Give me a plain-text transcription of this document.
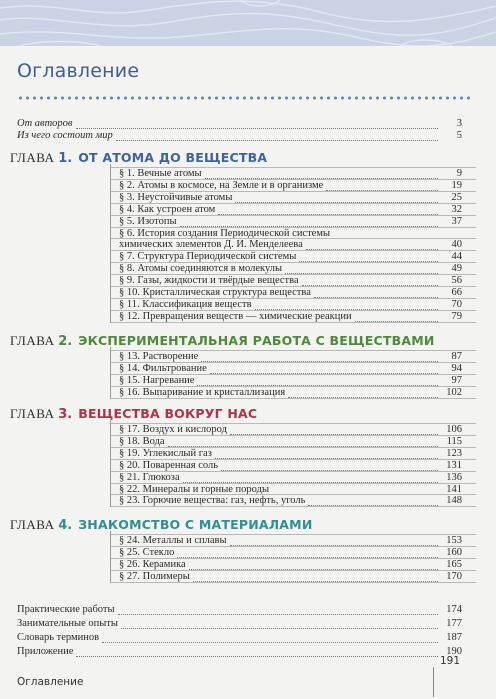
Оглавление
От авторов	3
Из чего состоит мир	5
ГЛАВА 1. ОТ АТОМА ДО ВЕЩЕСТВА
§ 1. Вечные атомы	9
§ 2. Атомы в космосе, на Земле и в организме	19
§ 3. Неустойчивые атомы	25
§ 4. Как устроен атом	32
§ 5. Изотопы	37
§ 6. История создания Периодической системы
химических элементов Д. И. Менделеева	40
§ 7. Структура Периодической системы	44
§ 8. Атомы соединяются в молекулы	49
§ 9. Газы, жидкости и твёрдые вещества	56
§ 10. Кристаллическая структура вещества	66
§ 11. Классификация веществ	70
§ 12. Превращения веществ — химические реакции	79
ГЛАВА 2. ЭКСПЕРИМЕНТАЛЬНАЯ РАБОТА С ВЕЩЕСТВАМИ
§ 13. Растворение	87
§ 14. Фильтрование	94
§ 15. Нагревание	97
§ 16. Выпаривание и кристаллизация	102
ГЛАВА 3. ВЕЩЕСТВА ВОКРУГ НАС
§ 17. Воздух и кислород	106
§ 18. Вода	115
§ 19. Углекислый газ	123
§ 20. Поваренная соль	131
§ 21. Глюкоза	136
§ 22. Минералы и горные породы	141
§ 23. Горючие вещества: газ, нефть, уголь	148
ГЛАВА 4. ЗНАКОМСТВО С МАТЕРИАЛАМИ
§ 24. Металлы и сплавы	153
§ 25. Стекло	160
§ 26. Керамика	165
§ 27. Полимеры	170
Практические работы	174
Занимательные опыты	177
Словарь терминов	187
Приложение	190
191
Оглавление
